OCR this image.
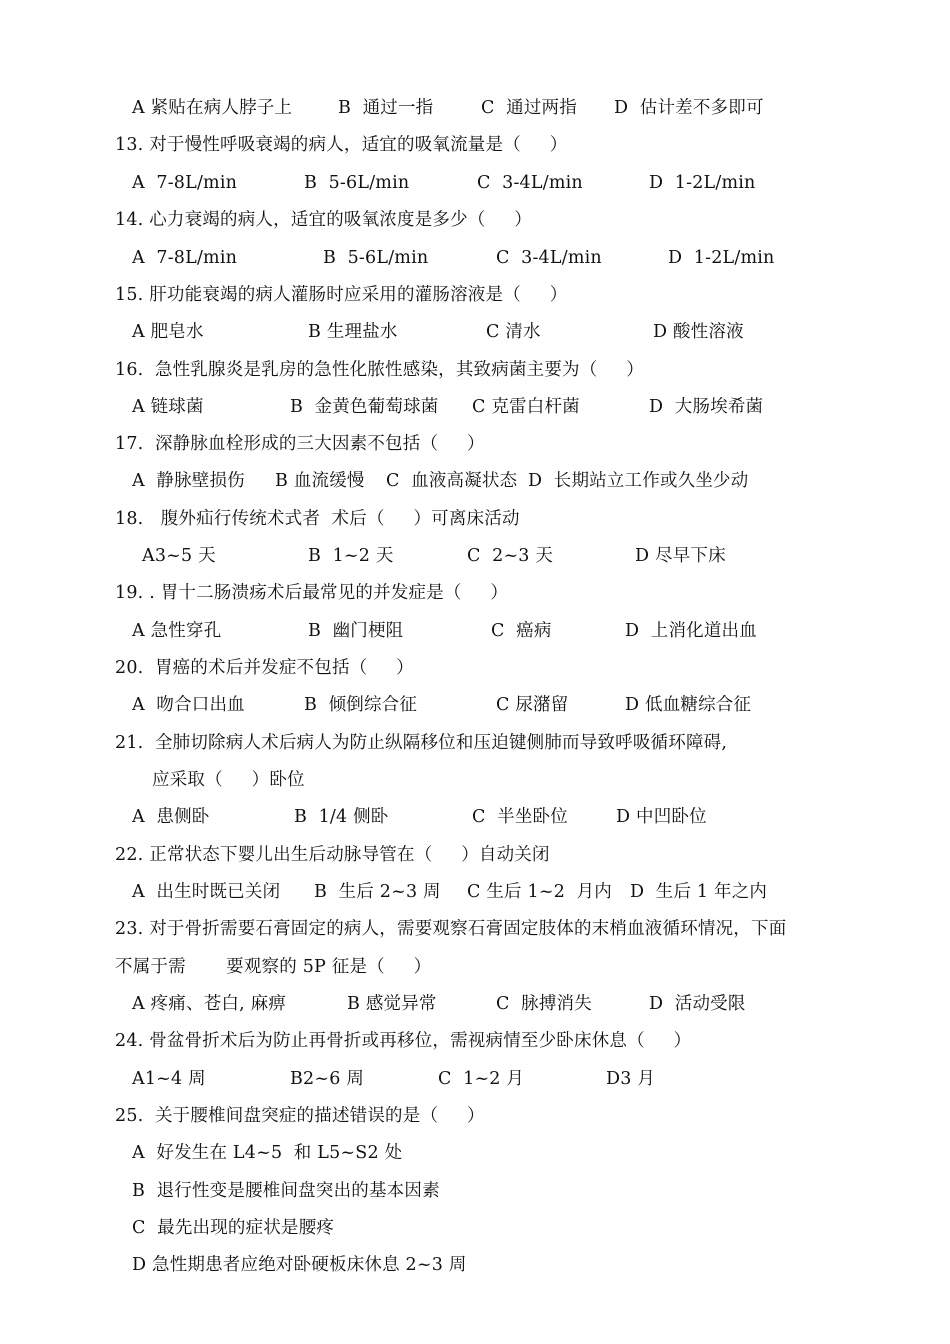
A 紧贴在病人脖子上	B  通过一指	C  通过两指 D  估计差不多即可
13. 对于慢性呼吸衰竭的病人，适宜的吸氧流量是（     ）
A  7-8L/min	B  5-6L/min	C  3-4L/min	D  1-2L/min
14. 心力衰竭的病人，适宜的吸氧浓度是多少（     ）
A  7-8L/min	B  5-6L/min	C  3-4L/min	D  1-2L/min
15. 肝功能衰竭的病人灌肠时应采用的灌肠溶液是（     ）
A 肥皂水	B 生理盐水	C 清水	D 酸性溶液
16.  急性乳腺炎是乳房的急性化脓性感染，其致病菌主要为（     ）
A 链球菌	B  金黄色葡萄球菌 C 克雷白杆菌	D  大肠埃希菌
17.  深静脉血栓形成的三大因素不包括（     ）
A  静脉壁损伤 B 血流缓慢 C  血液高凝状态 D  长期站立工作或久坐少动
18.   腹外疝行传统术式者  术后（     ）可离床活动
A3~5 天	B  1~2 天	C  2~3 天	D 尽早下床
19. . 胃十二肠溃疡术后最常见的并发症是（     ）
A 急性穿孔	B  幽门梗阻	C  癌病	D  上消化道出血
20.  胃癌的术后并发症不包括（     ）
A  吻合口出血	B  倾倒综合征	C 尿潴留	D 低血糖综合征
21.  全肺切除病人术后病人为防止纵隔移位和压迫键侧肺而导致呼吸循环障碍,
应采取（     ）卧位
A  患侧卧	B  1/4 侧卧	C  半坐卧位	D 中凹卧位
22. 正常状态下婴儿出生后动脉导管在（     ）自动关闭
A  出生时既已关闭 B  生后 2~3 周 C 生后 1~2  月内 D  生后 1 年之内
23. 对于骨折需要石膏固定的病人，需要观察石膏固定肢体的末梢血液循环情况，下面
不属于需       要观察的 5P 征是（     ）
A 疼痛、苍白, 麻痹	B 感觉异常	C  脉搏消失	D  活动受限
24. 骨盆骨折术后为防止再骨折或再移位，需视病情至少卧床休息（     ）
A1~4 周	B2~6 周	C  1~2 月	D3 月
25.  关于腰椎间盘突症的描述错误的是（     ）
A  好发生在 L4~5  和 L5~S2 处
B  退行性变是腰椎间盘突出的基本因素
C  最先出现的症状是腰疼
D 急性期患者应绝对卧硬板床休息 2~3 周
